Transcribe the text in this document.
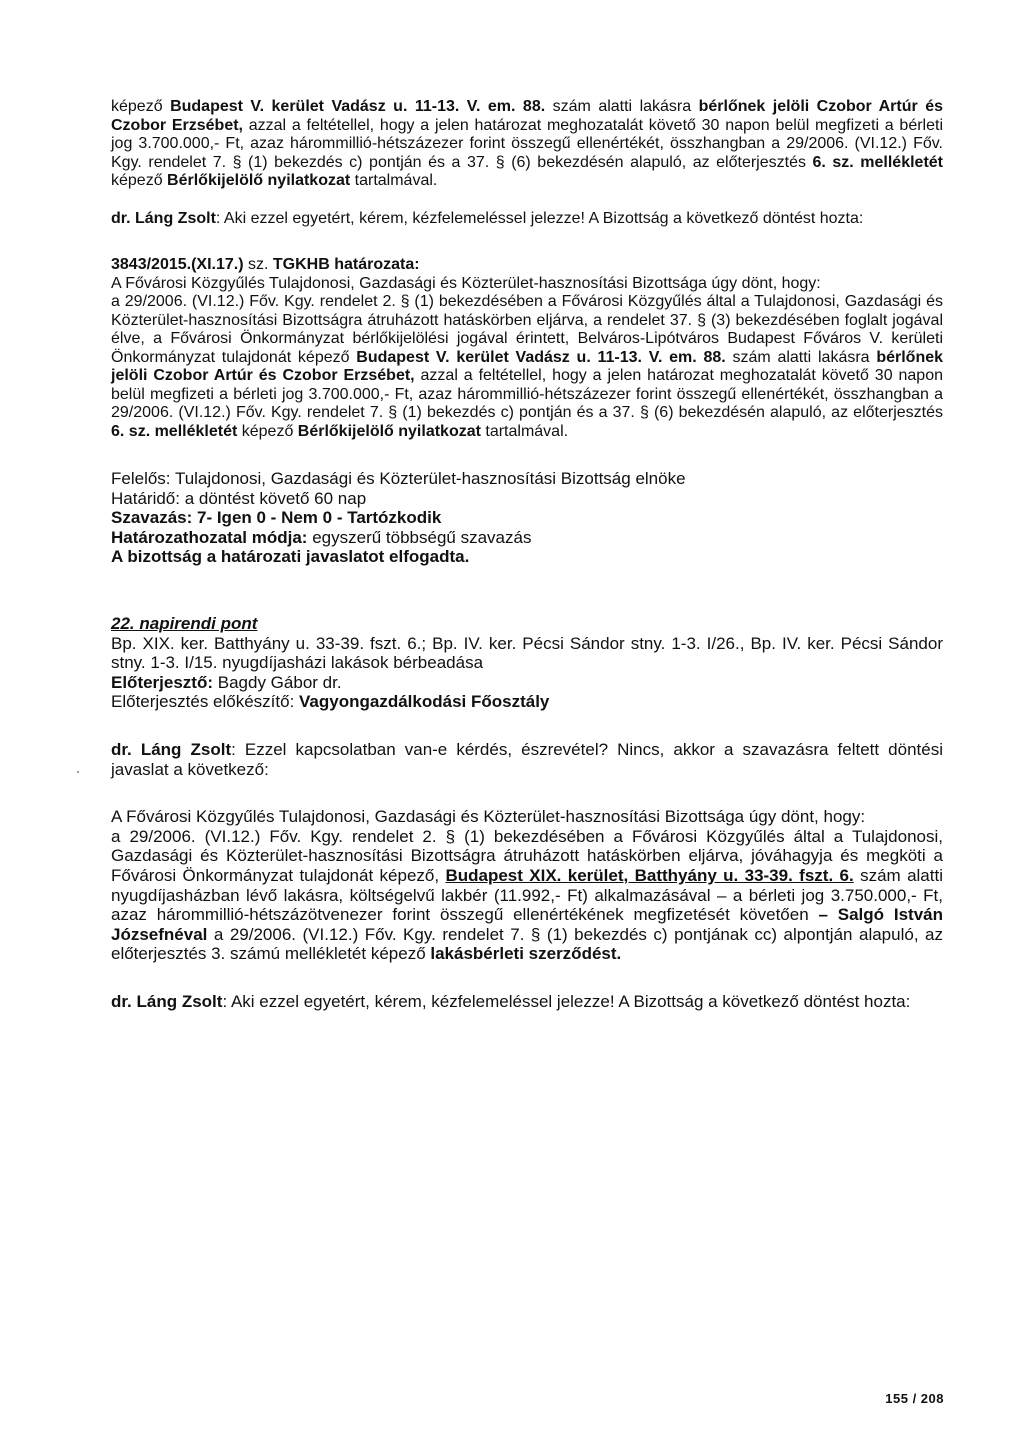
képező Budapest V. kerület Vadász u. 11-13. V. em. 88. szám alatti lakásra bérlőnek jelöli Czobor Artúr és Czobor Erzsébet, azzal a feltétellel, hogy a jelen határozat meghozatalát követő 30 napon belül megfizeti a bérleti jog 3.700.000,- Ft, azaz hárommillió-hétszázezer forint összegű ellenértékét, összhangban a 29/2006. (VI.12.) Főv. Kgy. rendelet 7. § (1) bekezdés c) pontján és a 37. § (6) bekezdésén alapuló, az előterjesztés 6. sz. mellékletét képező Bérlőkijelölő nyilatkozat tartalmával.

dr. Láng Zsolt: Aki ezzel egyetért, kérem, kézfelemeléssel jelezze! A Bizottság a következő döntést hozta:

3843/2015.(XI.17.) sz. TGKHB határozata:

A Fővárosi Közgyűlés Tulajdonosi, Gazdasági és Közterület-hasznosítási Bizottsága úgy dönt, hogy:

a 29/2006. (VI.12.) Főv. Kgy. rendelet 2. § (1) bekezdésében a Fővárosi Közgyűlés által a Tulajdonosi, Gazdasági és Közterület-hasznosítási Bizottságra átruházott hatáskörben eljárva, a rendelet 37. § (3) bekezdésében foglalt jogával élve, a Fővárosi Önkormányzat bérlőkijelölési jogával érintett, Belváros-Lipótváros Budapest Főváros V. kerületi Önkormányzat tulajdonát képező Budapest V. kerület Vadász u. 11-13. V. em. 88. szám alatti lakásra bérlőnek jelöli Czobor Artúr és Czobor Erzsébet, azzal a feltétellel, hogy a jelen határozat meghozatalát követő 30 napon belül megfizeti a bérleti jog 3.700.000,- Ft, azaz hárommillió-hétszázezer forint összegű ellenértékét, összhangban a 29/2006. (VI.12.) Főv. Kgy. rendelet 7. § (1) bekezdés c) pontján és a 37. § (6) bekezdésén alapuló, az előterjesztés 6. sz. mellékletét képező Bérlőkijelölő nyilatkozat tartalmával.

Felelős: Tulajdonosi, Gazdasági és Közterület-hasznosítási Bizottság elnöke

Határidő: a döntést követő 60 nap

Szavazás: 7- Igen 0 - Nem 0 - Tartózkodik

Határozathozatal módja: egyszerű többségű szavazás

A bizottság a határozati javaslatot elfogadta.

22. napirendi pont

Bp. XIX. ker. Batthyány u. 33-39. fszt. 6.; Bp. IV. ker. Pécsi Sándor stny. 1-3. I/26., Bp. IV. ker. Pécsi Sándor stny. 1-3. I/15. nyugdíjasházi lakások bérbeadása

Előterjesztő: Bagdy Gábor dr.

Előterjesztés előkészítő: Vagyongazdálkodási Főosztály

dr. Láng Zsolt: Ezzel kapcsolatban van-e kérdés, észrevétel? Nincs, akkor a szavazásra feltett döntési javaslat a következő:

A Fővárosi Közgyűlés Tulajdonosi, Gazdasági és Közterület-hasznosítási Bizottsága úgy dönt, hogy:

a 29/2006. (VI.12.) Főv. Kgy. rendelet 2. § (1) bekezdésében a Fővárosi Közgyűlés által a Tulajdonosi, Gazdasági és Közterület-hasznosítási Bizottságra átruházott hatáskörben eljárva, jóváhagyja és megköti a Fővárosi Önkormányzat tulajdonát képező, Budapest XIX. kerület, Batthyány u. 33-39. fszt. 6. szám alatti nyugdíjasházban lévő lakásra, költségelvű lakbér (11.992,- Ft) alkalmazásával – a bérleti jog 3.750.000,- Ft, azaz hárommillió-hétszázötvenezer forint összegű ellenértékének megfizetését követően – Salgó István Józsefnéval a 29/2006. (VI.12.) Főv. Kgy. rendelet 7. § (1) bekezdés c) pontjának cc) alpontján alapuló, az előterjesztés 3. számú mellékletét képező lakásbérleti szerződést.

dr. Láng Zsolt: Aki ezzel egyetért, kérem, kézfelemeléssel jelezze! A Bizottság a következő döntést hozta:

155 / 208
